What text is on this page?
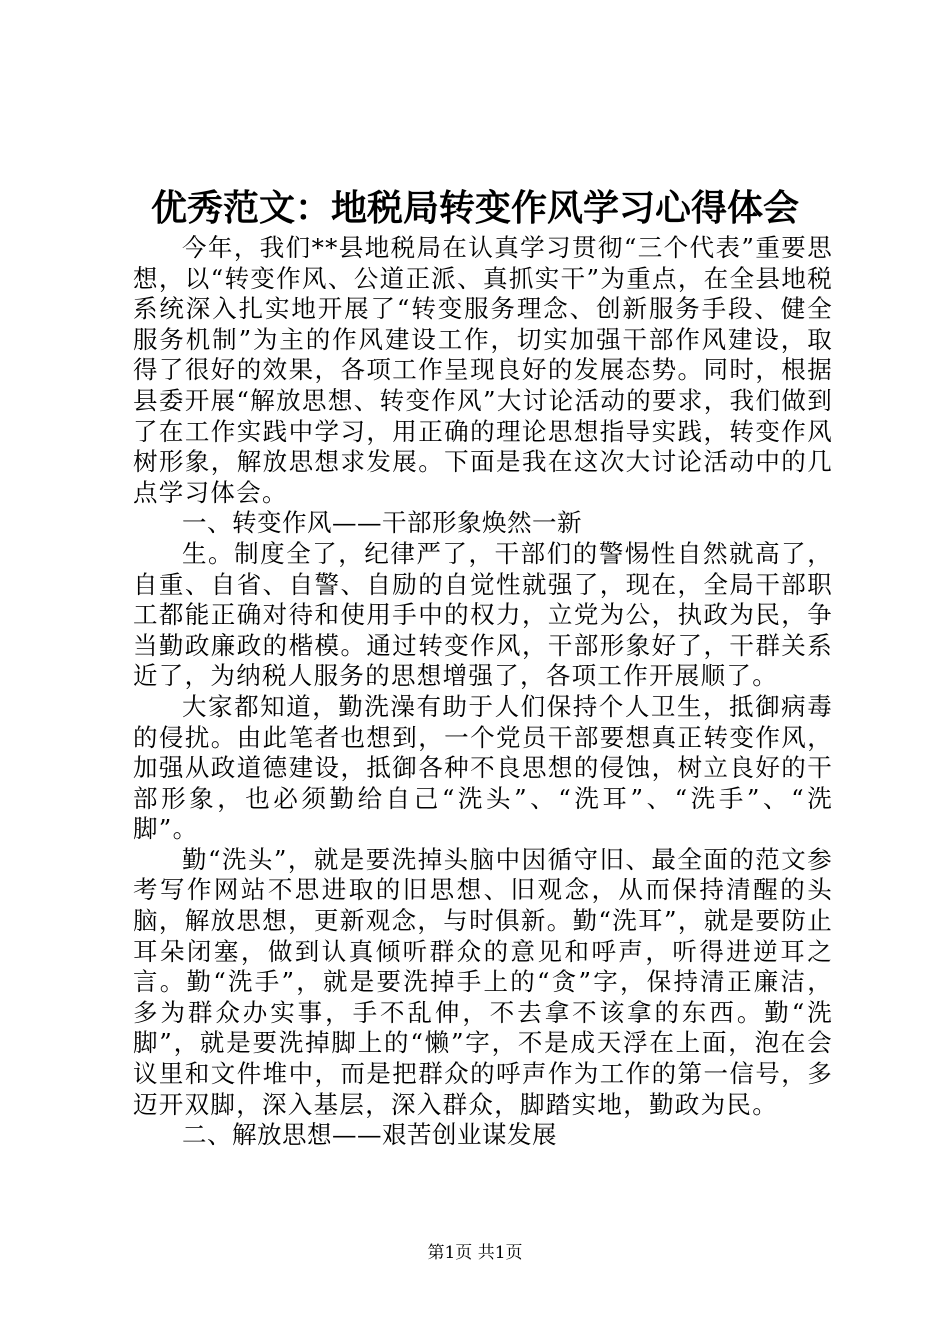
优秀范文：地税局转变作风学习心得体会

今年，我们**县地税局在认真学习贯彻“三个代表”重要思想，以“转变作风、公道正派、真抓实干”为重点，在全县地税系统深入扎实地开展了“转变服务理念、创新服务手段、健全服务机制”为主的作风建设工作，切实加强干部作风建设，取得了很好的效果，各项工作呈现良好的发展态势。同时，根据县委开展“解放思想、转变作风”大讨论活动的要求，我们做到了在工作实践中学习，用正确的理论思想指导实践，转变作风树形象，解放思想求发展。下面是我在这次大讨论活动中的几点学习体会。

一、转变作风——干部形象焕然一新

生。制度全了，纪律严了，干部们的警惕性自然就高了，自重、自省、自警、自励的自觉性就强了，现在，全局干部职工都能正确对待和使用手中的权力，立党为公，执政为民，争当勤政廉政的楷模。通过转变作风，干部形象好了，干群关系近了，为纳税人服务的思想增强了，各项工作开展顺了。

大家都知道，勤洗澡有助于人们保持个人卫生，抵御病毒的侵扰。由此笔者也想到，一个党员干部要想真正转变作风，加强从政道德建设，抵御各种不良思想的侵蚀，树立良好的干部形象，也必须勤给自己“洗头”、“洗耳”、“洗手”、“洗脚”。

勤“洗头”，就是要洗掉头脑中因循守旧、最全面的范文参考写作网站不思进取的旧思想、旧观念，从而保持清醒的头脑，解放思想，更新观念，与时俱新。勤“洗耳”，就是要防止耳朵闭塞，做到认真倾听群众的意见和呼声，听得进逆耳之言。勤“洗手”，就是要洗掉手上的“贪”字，保持清正廉洁，多为群众办实事，手不乱伸，不去拿不该拿的东西。勤“洗脚”，就是要洗掉脚上的“懒”字，不是成天浮在上面，泡在会议里和文件堆中，而是把群众的呼声作为工作的第一信号，多迈开双脚，深入基层，深入群众，脚踏实地，勤政为民。

二、解放思想——艰苦创业谋发展

第1页 共1页
